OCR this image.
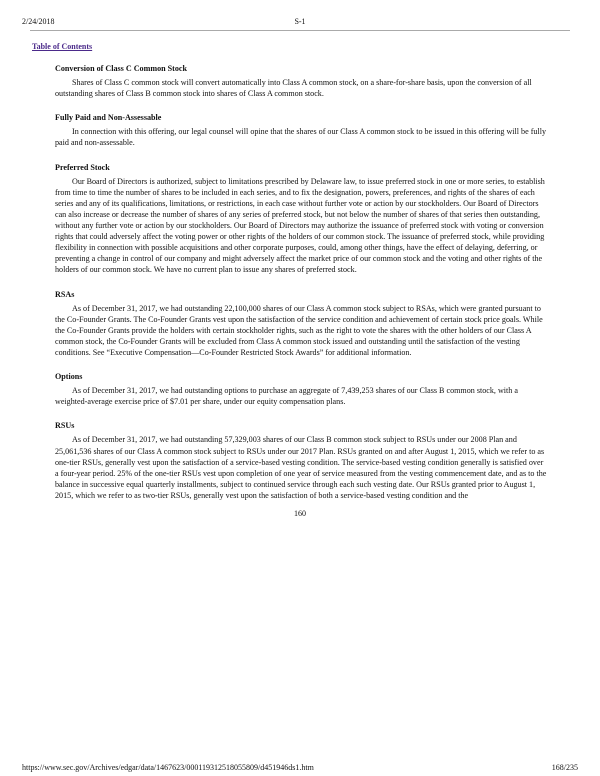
2/24/2018	S-1
Table of Contents
Conversion of Class C Common Stock

Shares of Class C common stock will convert automatically into Class A common stock, on a share-for-share basis, upon the conversion of all outstanding shares of Class B common stock into shares of Class A common stock.

Fully Paid and Non-Assessable

In connection with this offering, our legal counsel will opine that the shares of our Class A common stock to be issued in this offering will be fully paid and non-assessable.

Preferred Stock

Our Board of Directors is authorized, subject to limitations prescribed by Delaware law, to issue preferred stock in one or more series, to establish from time to time the number of shares to be included in each series, and to fix the designation, powers, preferences, and rights of the shares of each series and any of its qualifications, limitations, or restrictions, in each case without further vote or action by our stockholders. Our Board of Directors can also increase or decrease the number of shares of any series of preferred stock, but not below the number of shares of that series then outstanding, without any further vote or action by our stockholders. Our Board of Directors may authorize the issuance of preferred stock with voting or conversion rights that could adversely affect the voting power or other rights of the holders of our common stock. The issuance of preferred stock, while providing flexibility in connection with possible acquisitions and other corporate purposes, could, among other things, have the effect of delaying, deferring, or preventing a change in control of our company and might adversely affect the market price of our common stock and the voting and other rights of the holders of our common stock. We have no current plan to issue any shares of preferred stock.

RSAs

As of December 31, 2017, we had outstanding 22,100,000 shares of our Class A common stock subject to RSAs, which were granted pursuant to the Co-Founder Grants. The Co-Founder Grants vest upon the satisfaction of the service condition and achievement of certain stock price goals. While the Co-Founder Grants provide the holders with certain stockholder rights, such as the right to vote the shares with the other holders of our Class A common stock, the Co-Founder Grants will be excluded from Class A common stock issued and outstanding until the satisfaction of the vesting conditions. See “Executive Compensation—Co-Founder Restricted Stock Awards” for additional information.

Options

As of December 31, 2017, we had outstanding options to purchase an aggregate of 7,439,253 shares of our Class B common stock, with a weighted-average exercise price of $7.01 per share, under our equity compensation plans.

RSUs

As of December 31, 2017, we had outstanding 57,329,003 shares of our Class B common stock subject to RSUs under our 2008 Plan and 25,061,536 shares of our Class A common stock subject to RSUs under our 2017 Plan. RSUs granted on and after August 1, 2015, which we refer to as one-tier RSUs, generally vest upon the satisfaction of a service-based vesting condition. The service-based vesting condition generally is satisfied over a four-year period. 25% of the one-tier RSUs vest upon completion of one year of service measured from the vesting commencement date, and as to the balance in successive equal quarterly installments, subject to continued service through each such vesting date. Our RSUs granted prior to August 1, 2015, which we refer to as two-tier RSUs, generally vest upon the satisfaction of both a service-based vesting condition and the

160
https://www.sec.gov/Archives/edgar/data/1467623/000119312518055809/d451946ds1.htm	168/235
